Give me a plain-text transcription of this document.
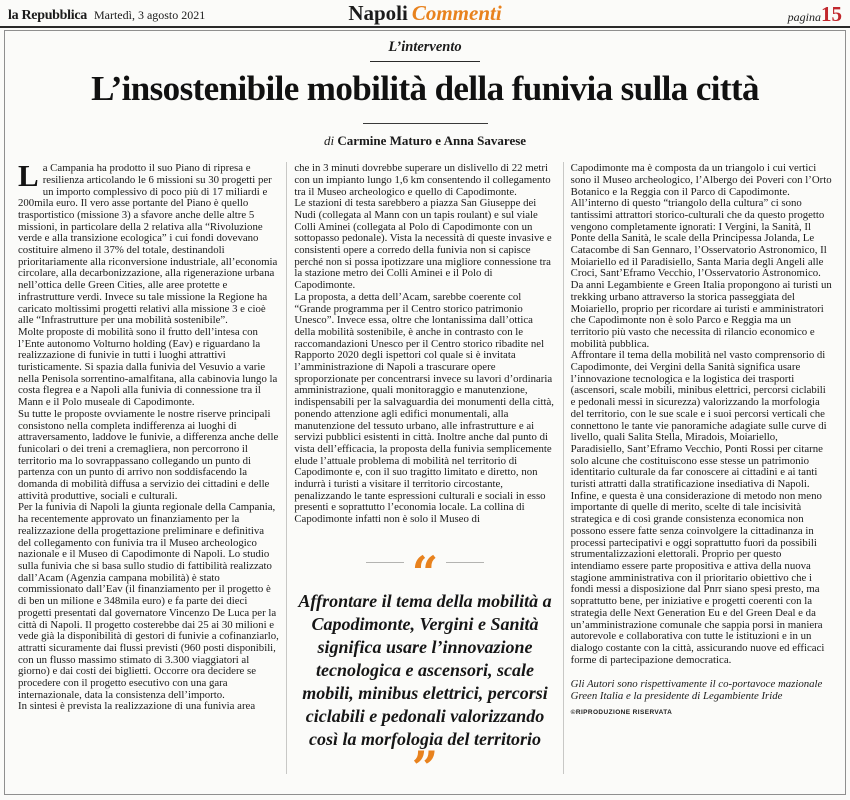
la Repubblica Martedì, 3 agosto 2021	Napoli Commenti	pagina15
L’intervento
L’insostenibile mobilità della funivia sulla città
di Carmine Maturo e Anna Savarese

La Campania ha prodotto il suo Piano di ripresa e resilienza articolando le 6 missioni su 30 progetti per un importo complessivo di poco più di 17 miliardi e 200mila euro. Il vero asse portante del Piano è quello trasportistico (missione 3) a sfavore anche delle altre 5 missioni, in particolare della 2 relativa alla “Rivoluzione verde e alla transizione ecologica” i cui fondi dovevano costituire almeno il 37% del totale, destinandoli prioritariamente alla riconversione industriale, all’economia circolare, alla decarbonizzazione, alla rigenerazione urbana nell’ottica delle Green Cities, alle aree protette e infrastrutture verdi. Invece su tale missione la Regione ha caricato moltissimi progetti relativi alla missione 3 e cioè alle “Infrastrutture per una mobilità sostenibile”.

Molte proposte di mobilità sono il frutto dell’intesa con l’Ente autonomo Volturno holding (Eav) e riguardano la realizzazione di funivie in tutti i luoghi attrattivi turisticamente. Si spazia dalla funivia del Vesuvio a varie nella Penisola sorrentino-amalfitana, alla cabinovia lungo la costa flegrea e a Napoli alla funivia di connessione tra il Mann e il Polo museale di Capodimonte.

Su tutte le proposte ovviamente le nostre riserve principali consistono nella completa indifferenza ai luoghi di attraversamento, laddove le funivie, a differenza anche delle funicolari o dei treni a cremagliera, non percorrono il territorio ma lo sovrappassano collegando un punto di partenza con un punto di arrivo non soddisfacendo la domanda di mobilità diffusa a servizio dei cittadini e delle attività produttive, sociali e culturali.

Per la funivia di Napoli la giunta regionale della Campania, ha recentemente approvato un finanziamento per la realizzazione della progettazione preliminare e definitiva del collegamento con funivia tra il Museo archeologico nazionale e il Museo di Capodimonte di Napoli. Lo studio sulla funivia che si basa sullo studio di fattibilità realizzato dall’Acam (Agenzia campana mobilità) è stato commissionato dall’Eav (il finanziamento per il progetto è di ben un milione e 348mila euro) e fa parte dei dieci progetti presentati dal governatore Vincenzo De Luca per la città di Napoli. Il progetto costerebbe dai 25 ai 30 milioni e vede già la disponibilità di gestori di funivie a cofinanziarlo, attratti sicuramente dai flussi previsti (960 posti disponibili, con un flusso massimo stimato di 3.300 viaggiatori al giorno) e dai costi dei biglietti. Occorre ora decidere se procedere con il progetto esecutivo con una gara internazionale, data la consistenza dell’importo.

In sintesi è prevista la realizzazione di una funivia area

che in 3 minuti dovrebbe superare un dislivello di 22 metri con un impianto lungo 1,6 km consentendo il collegamento tra il Museo archeologico e quello di Capodimonte.

Le stazioni di testa sarebbero a piazza San Giuseppe dei Nudi (collegata al Mann con un tapis roulant) e sul viale Colli Aminei (collegata al Polo di Capodimonte con un sottopasso pedonale). Vista la necessità di queste invasive e consistenti opere a corredo della funivia non si capisce perché non si possa ipotizzare una migliore connessione tra la stazione metro dei Colli Aminei e il Polo di Capodimonte.

La proposta, a detta dell’Acam, sarebbe coerente col “Grande programma per il Centro storico patrimonio Unesco”. Invece essa, oltre che lontanissima dall’ottica della mobilità sostenibile, è anche in contrasto con le raccomandazioni Unesco per il Centro storico ribadite nel Rapporto 2020 degli ispettori col quale si è invitata l’amministrazione di Napoli a trascurare opere sproporzionate per concentrarsi invece su lavori d’ordinaria amministrazione, quali monitoraggio e manutenzione, indispensabili per la salvaguardia dei monumenti della città, ponendo attenzione agli edifici monumentali, alla manutenzione del tessuto urbano, alle infrastrutture e ai servizi pubblici esistenti in città. Inoltre anche dal punto di vista dell’efficacia, la proposta della funivia semplicemente elude l’attuale problema di mobilità nel territorio di Capodimonte e, con il suo tragitto limitato e diretto, non indurrà i turisti a visitare il territorio circostante, penalizzando le tante espressioni culturali e sociali in esso presenti e soprattutto l’economia locale. La collina di Capodimonte infatti non è solo il Museo di

“
Affrontare il tema della mobilità a Capodimonte, Vergini e Sanità significa usare l’innovazione tecnologica e ascensori, scale mobili, minibus elettrici, percorsi ciclabili e pedonali valorizzando così la morfologia del territorio
”

Capodimonte ma è composta da un triangolo i cui vertici sono il Museo archeologico, l’Albergo dei Poveri con l’Orto Botanico e la Reggia con il Parco di Capodimonte. All’interno di questo “triangolo della cultura” ci sono tantissimi attrattori storico-culturali che da questo progetto vengono completamente ignorati: I Vergini, la Sanità, Il Ponte della Sanità, le scale della Principessa Jolanda, Le Catacombe di San Gennaro, l’Osservatorio Astronomico, Il Moiariello ed il Paradisiello, Santa Maria degli Angeli alle Croci, Sant’Eframo Vecchio, l’Osservatorio Astronomico. Da anni Legambiente e Green Italia propongono ai turisti un trekking urbano attraverso la storica passeggiata del Moiariello, proprio per ricordare ai turisti e amministratori che Capodimonte non è solo Parco e Reggia ma un territorio più vasto che necessita di rilancio economico e mobilità pubblica.

Affrontare il tema della mobilità nel vasto comprensorio di Capodimonte, dei Vergini della Sanità significa usare l’innovazione tecnologica e la logistica dei trasporti (ascensori, scale mobili, minibus elettrici, percorsi ciclabili e pedonali messi in sicurezza) valorizzando la morfologia del territorio, con le sue scale e i suoi percorsi verticali che connettono le tante vie panoramiche adagiate sulle curve di livello, quali Salita Stella, Miradois, Moiariello, Paradisiello, Sant’Eframo Vecchio, Ponti Rossi per citarne solo alcune che costituiscono esse stesse un patrimonio identitario culturale da far conoscere ai cittadini e ai tanti turisti attratti dalla stratificazione insediativa di Napoli.

Infine, e questa è una considerazione di metodo non meno importante di quelle di merito, scelte di tale incisività strategica e di così grande consistenza economica non possono essere fatte senza coinvolgere la cittadinanza in processi partecipativi e oggi soprattutto fuori da possibili strumentalizzazioni elettorali. Proprio per questo intendiamo essere parte propositiva e attiva della nuova stagione amministrativa con il prioritario obiettivo che i fondi messi a disposizione dal Pnrr siano spesi presto, ma soprattutto bene, per iniziative e progetti coerenti con la strategia delle Next Generation Eu e del Green Deal e da un’amministrazione comunale che sappia porsi in maniera autorevole e collaborativa con tutte le istituzioni e in un dialogo costante con la città, assicurando nuove ed efficaci forme di partecipazione democratica.

Gli Autori sono rispettivamente il co-portavoce mazionale Green Italia e la presidente di Legambiente Iride

©RIPRODUZIONE RISERVATA
